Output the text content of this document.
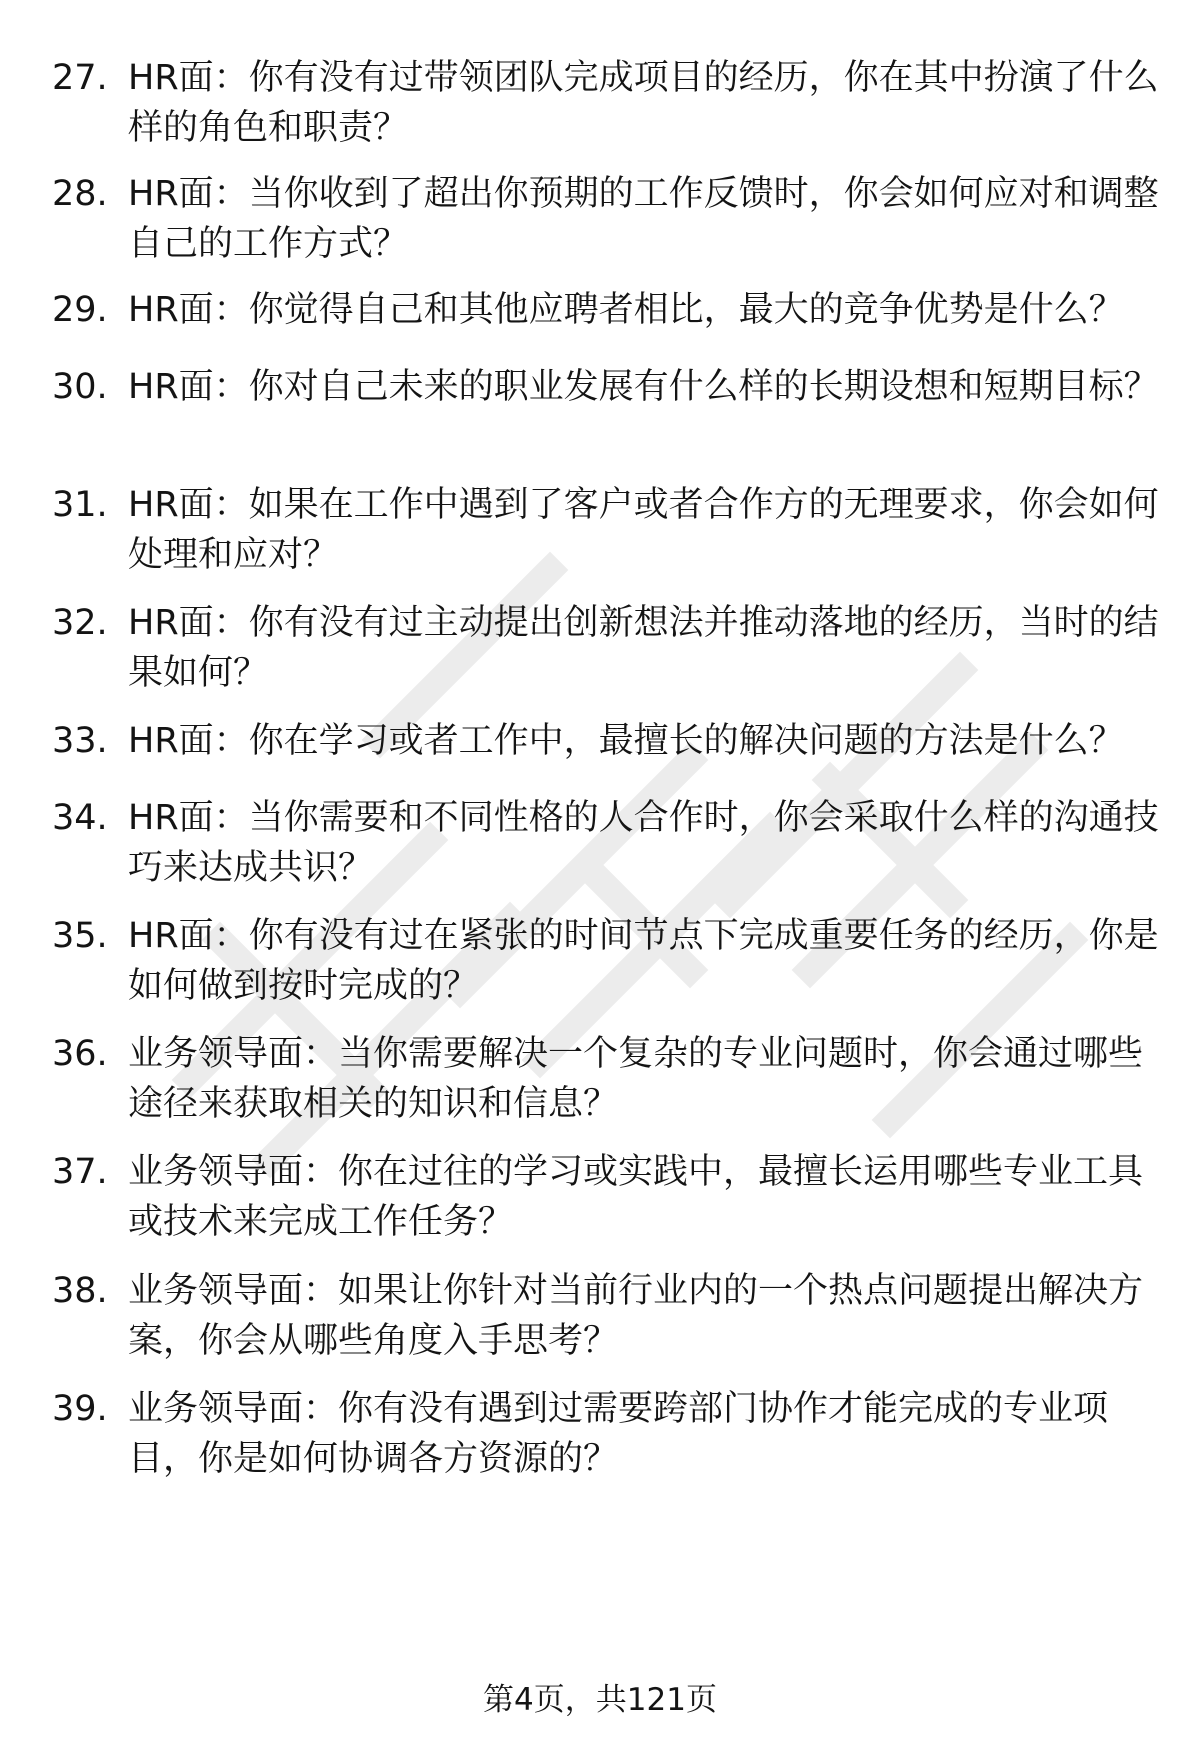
27. HR面：你有没有过带领团队完成项目的经历，你在其中扮演了什么样的角色和职责？
28. HR面：当你收到了超出你预期的工作反馈时，你会如何应对和调整自己的工作方式？
29. HR面：你觉得自己和其他应聘者相比，最大的竞争优势是什么？
30. HR面：你对自己未来的职业发展有什么样的长期设想和短期目标？
31. HR面：如果在工作中遇到了客户或者合作方的无理要求，你会如何处理和应对？
32. HR面：你有没有过主动提出创新想法并推动落地的经历，当时的结果如何？
33. HR面：你在学习或者工作中，最擅长的解决问题的方法是什么？
34. HR面：当你需要和不同性格的人合作时，你会采取什么样的沟通技巧来达成共识？
35. HR面：你有没有过在紧张的时间节点下完成重要任务的经历，你是如何做到按时完成的？
36. 业务领导面：当你需要解决一个复杂的专业问题时，你会通过哪些途径来获取相关的知识和信息？
37. 业务领导面：你在过往的学习或实践中，最擅长运用哪些专业工具或技术来完成工作任务？
38. 业务领导面：如果让你针对当前行业内的一个热点问题提出解决方案，你会从哪些角度入手思考？
39. 业务领导面：你有没有遇到过需要跨部门协作才能完成的专业项目，你是如何协调各方资源的？
第4页，共121页
